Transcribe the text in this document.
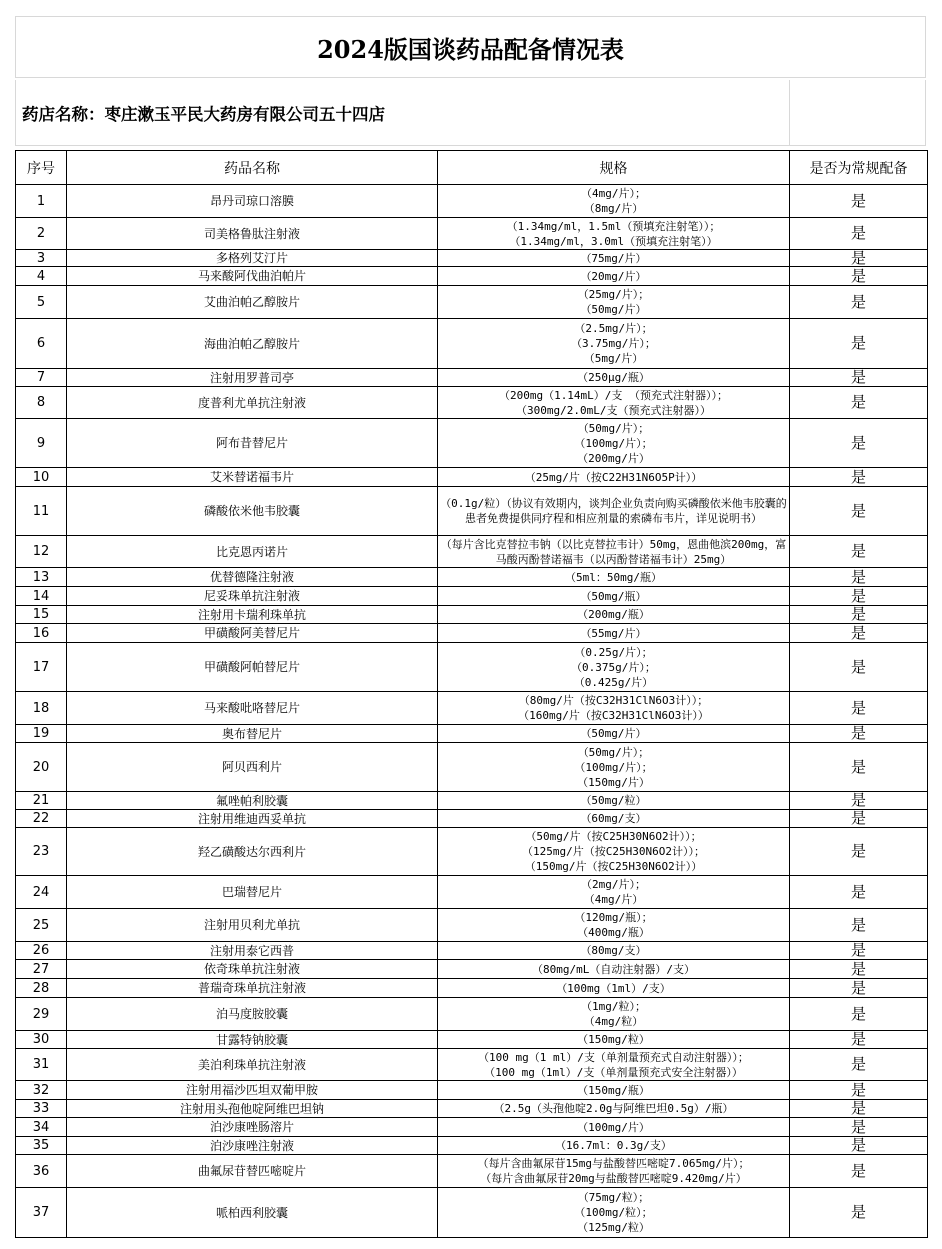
2024版国谈药品配备情况表
药店名称：枣庄漱玉平民大药房有限公司五十四店
序号	药品名称	规格	是否为常规配备
1	昂丹司琼口溶膜	（4mg/片）；
（8mg/片）	是
2	司美格鲁肽注射液	（1.34mg/ml，1.5ml（预填充注射笔））；
（1.34mg/ml，3.0ml（预填充注射笔））	是
3	多格列艾汀片	（75mg/片）	是
4	马来酸阿伐曲泊帕片	（20mg/片）	是
5	艾曲泊帕乙醇胺片	（25mg/片）；
（50mg/片）	是
6	海曲泊帕乙醇胺片	（2.5mg/片）；
（3.75mg/片）；
（5mg/片）	是
7	注射用罗普司亭	（250μg/瓶）	是
8	度普利尤单抗注射液	（200mg（1.14mL）/支 （预充式注射器））；
（300mg/2.0mL/支（预充式注射器））	是
9	阿布昔替尼片	（50mg/片）；
（100mg/片）；
（200mg/片）	是
10	艾米替诺福韦片	（25mg/片（按C22H31N6O5P计））	是
11	磷酸依米他韦胶囊	（0.1g/粒）（协议有效期内，谈判企业负责向购买磷酸依米他韦胶囊的患者免费提供同疗程和相应剂量的索磷布韦片，详见说明书）	是
12	比克恩丙诺片	（每片含比克替拉韦钠（以比克替拉韦计）50mg，恩曲他滨200mg，富马酸丙酚替诺福韦（以丙酚替诺福韦计）25mg）	是
13	优替德隆注射液	（5ml：50mg/瓶）	是
14	尼妥珠单抗注射液	（50mg/瓶）	是
15	注射用卡瑞利珠单抗	（200mg/瓶）	是
16	甲磺酸阿美替尼片	（55mg/片）	是
17	甲磺酸阿帕替尼片	（0.25g/片）；
（0.375g/片）；
（0.425g/片）	是
18	马来酸吡咯替尼片	（80mg/片（按C32H31ClN6O3计））；
（160mg/片（按C32H31ClN6O3计））	是
19	奥布替尼片	（50mg/片）	是
20	阿贝西利片	（50mg/片）；
（100mg/片）；
（150mg/片）	是
21	氟唑帕利胶囊	（50mg/粒）	是
22	注射用维迪西妥单抗	（60mg/支）	是
23	羟乙磺酸达尔西利片	（50mg/片（按C25H30N6O2计））；
（125mg/片（按C25H30N6O2计））；
（150mg/片（按C25H30N6O2计））	是
24	巴瑞替尼片	（2mg/片）；
（4mg/片）	是
25	注射用贝利尤单抗	（120mg/瓶）；
（400mg/瓶）	是
26	注射用泰它西普	（80mg/支）	是
27	依奇珠单抗注射液	（80mg/mL（自动注射器）/支）	是
28	普瑞奇珠单抗注射液	（100mg（1ml）/支）	是
29	泊马度胺胶囊	（1mg/粒）；
（4mg/粒）	是
30	甘露特钠胶囊	（150mg/粒）	是
31	美泊利珠单抗注射液	（100 mg（1 ml）/支（单剂量预充式自动注射器））；
（100 mg（1ml）/支（单剂量预充式安全注射器））	是
32	注射用福沙匹坦双葡甲胺	（150mg/瓶）	是
33	注射用头孢他啶阿维巴坦钠	（2.5g（头孢他啶2.0g与阿维巴坦0.5g）/瓶）	是
34	泊沙康唑肠溶片	（100mg/片）	是
35	泊沙康唑注射液	（16.7ml：0.3g/支）	是
36	曲氟尿苷替匹嘧啶片	（每片含曲氟尿苷15mg与盐酸替匹嘧啶7.065mg/片）；
（每片含曲氟尿苷20mg与盐酸替匹嘧啶9.420mg/片）	是
37	哌柏西利胶囊	（75mg/粒）；
（100mg/粒）；
（125mg/粒）	是
